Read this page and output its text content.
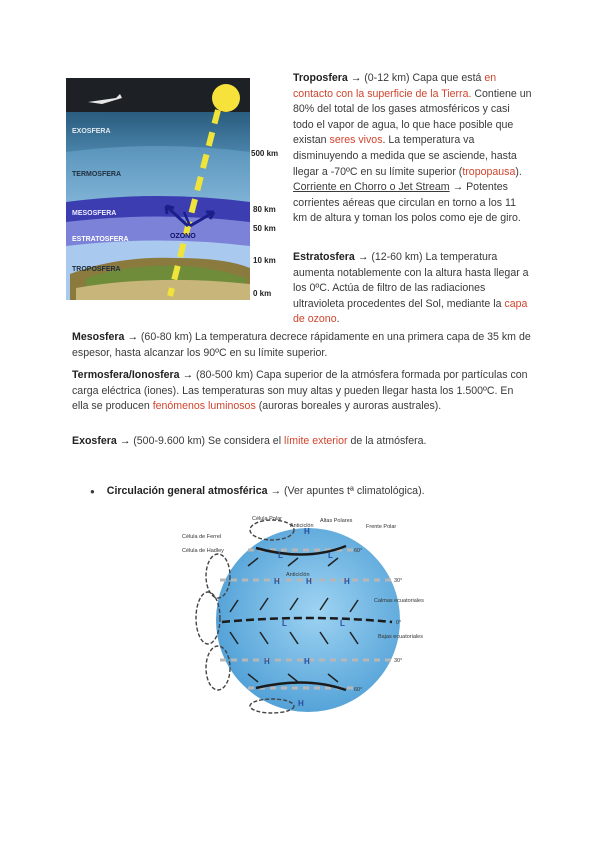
EXOSFERA
TERMOSFERA
MESOSFERA
ESTRATOSFERA
TROPOSFERA
OZONO
500 km
80 km
50 km
10 km
0 km
Troposfera → (0-12 km) Capa que está en contacto con la superficie de la Tierra. Contiene un 80% del total de los gases atmosféricos y casi todo el vapor de agua, lo que hace posible que existan seres vivos. La temperatura va disminuyendo a medida que se asciende, hasta llegar a -70ºC en su límite superior (tropopausa).
Corriente en Chorro o Jet Stream → Potentes corrientes aéreas que circulan en torno a los 11 km de altura y toman los polos como eje de giro.
Estratosfera → (12-60 km) La temperatura aumenta notablemente con la altura hasta llegar a los 0ºC. Actúa de filtro de las radiaciones ultravioleta procedentes del Sol, mediante la capa de ozono.
Mesosfera → (60-80 km) La temperatura decrece rápidamente en una primera capa de 35 km de espesor, hasta alcanzar los 90ºC en su límite superior.
Termosfera/Ionosfera → (80-500 km) Capa superior de la atmósfera formada por partículas con carga eléctrica (iones). Las temperaturas son muy altas y pueden llegar hasta los 1.500ºC. En ella se producen fenómenos luminosos (auroras boreales y auroras australes).
Exosfera → (500-9.600 km) Se considera el límite exterior de la atmósfera.
● Circulación general atmosférica → (Ver apuntes tª climatológica).
H
L	L
H	H
H
L	L
H	H
H
Célula Polar	Altas Polares
Frente Polar
Célula de Ferrel
Célula de Hadley
Anticiclón
Anticiclón
Calmas ecuatoriales
Bajas ecuatoriales
60°
30°
0°
30°
60°
